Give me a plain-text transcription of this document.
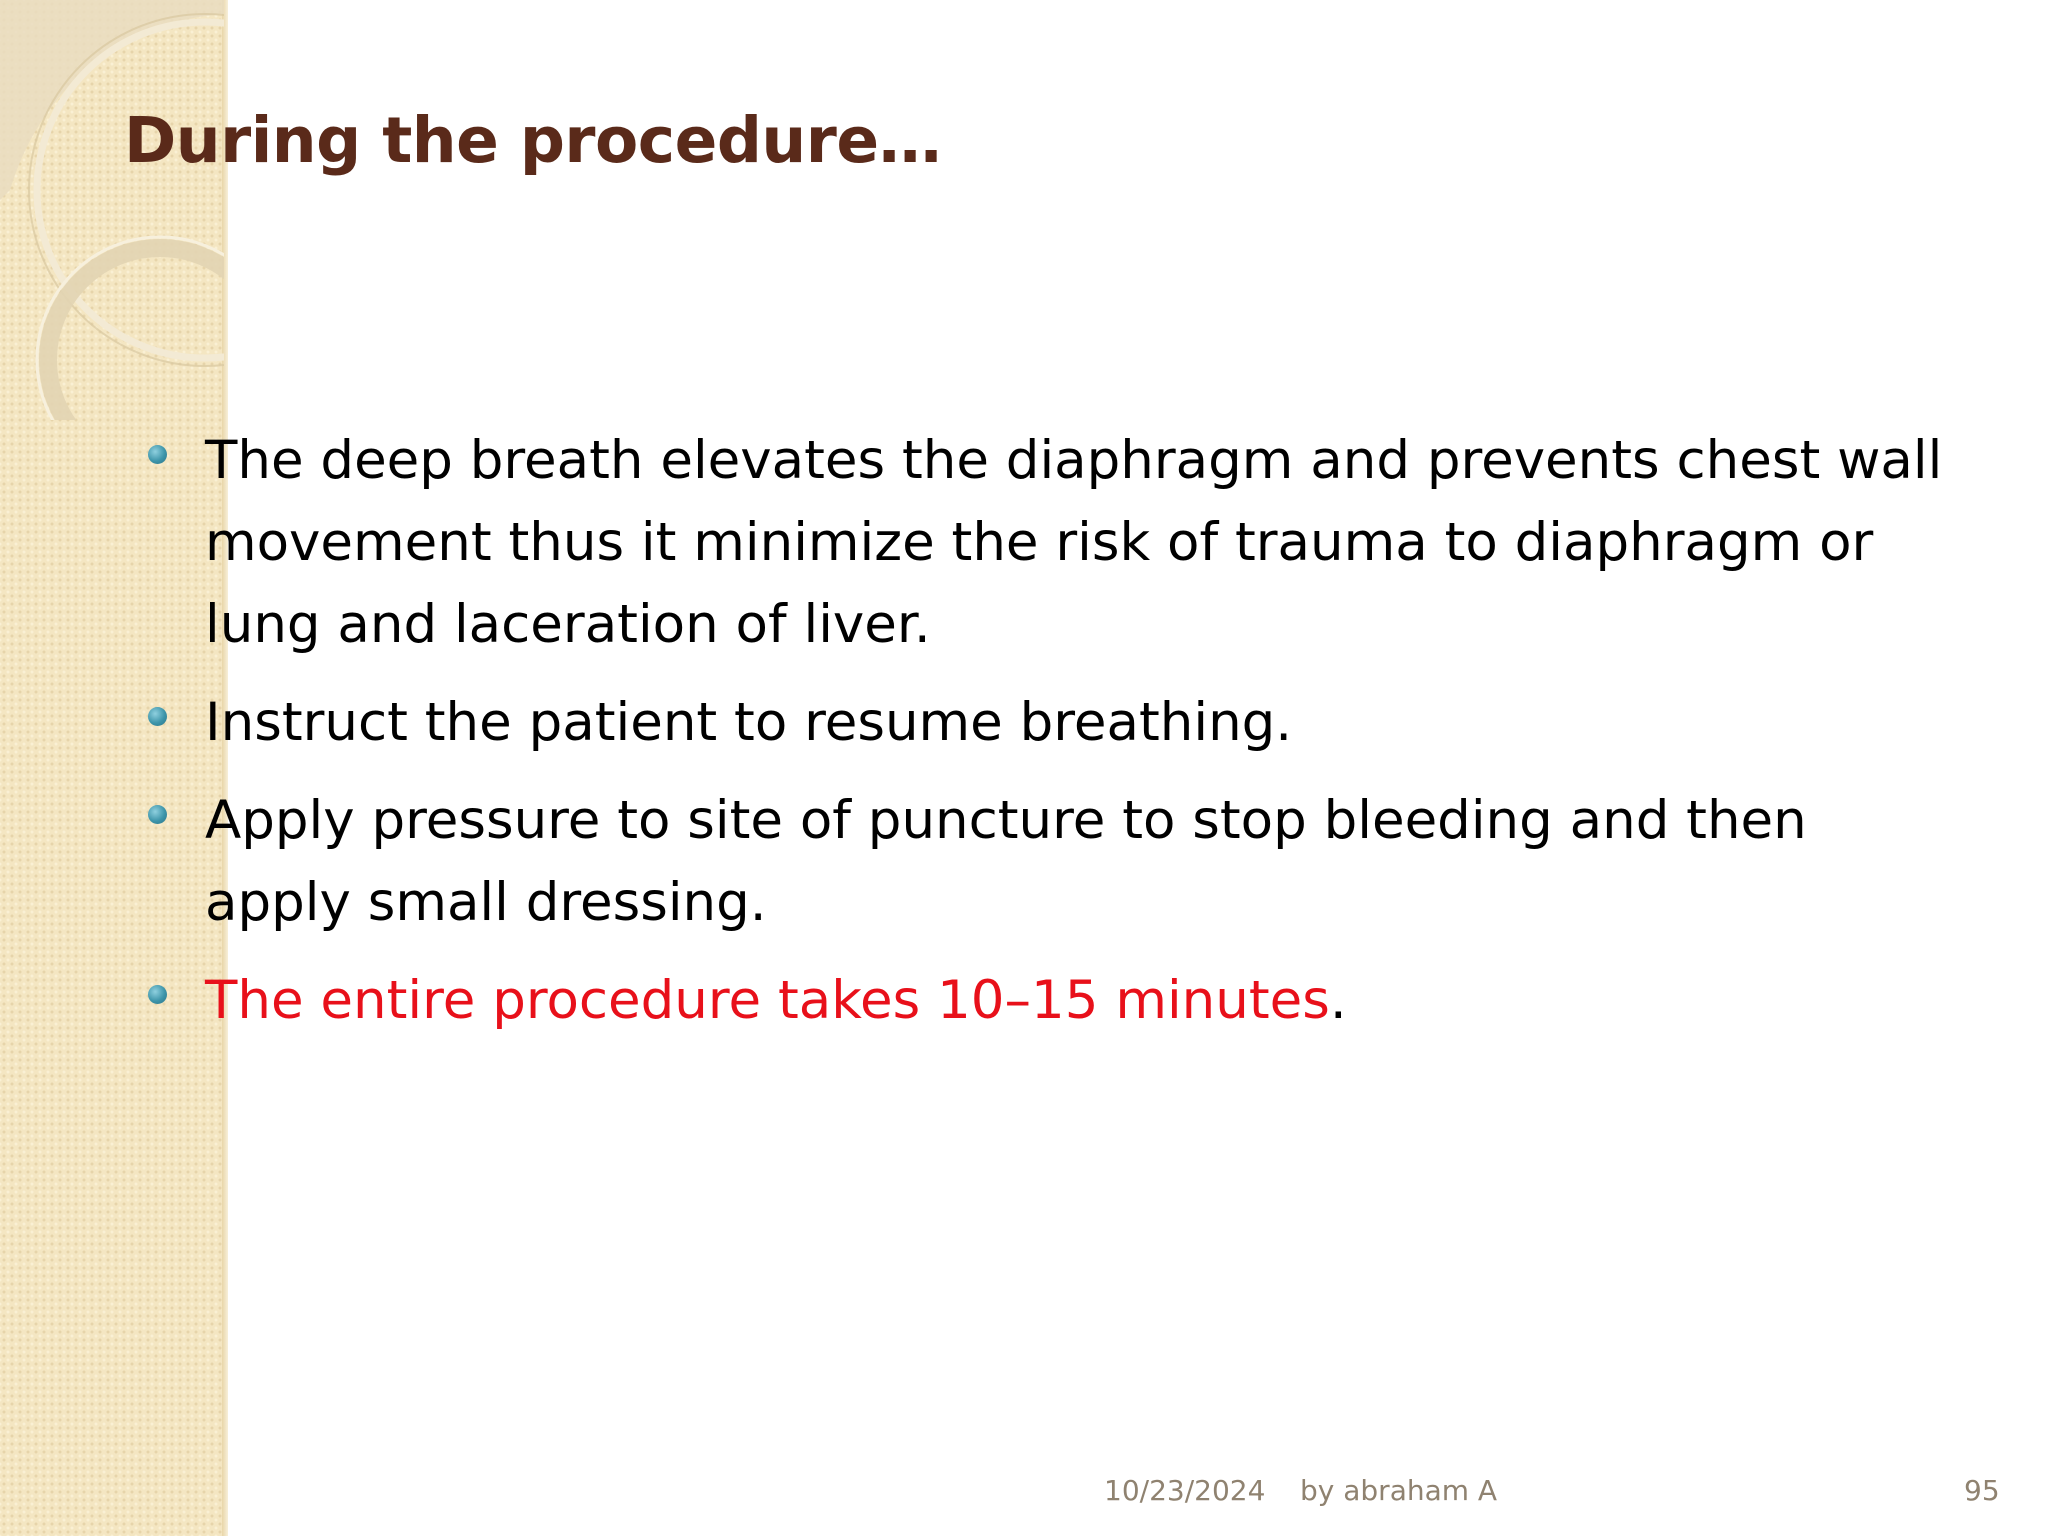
During the procedure…
The deep breath elevates the diaphragm and prevents chest wall movement thus it minimize the risk of trauma to diaphragm or lung and laceration of liver.
Instruct the patient to resume breathing.
Apply pressure to site of puncture to stop bleeding and then apply small dressing.
The entire procedure takes 10–15 minutes.
10/23/2024 by abraham A	95
